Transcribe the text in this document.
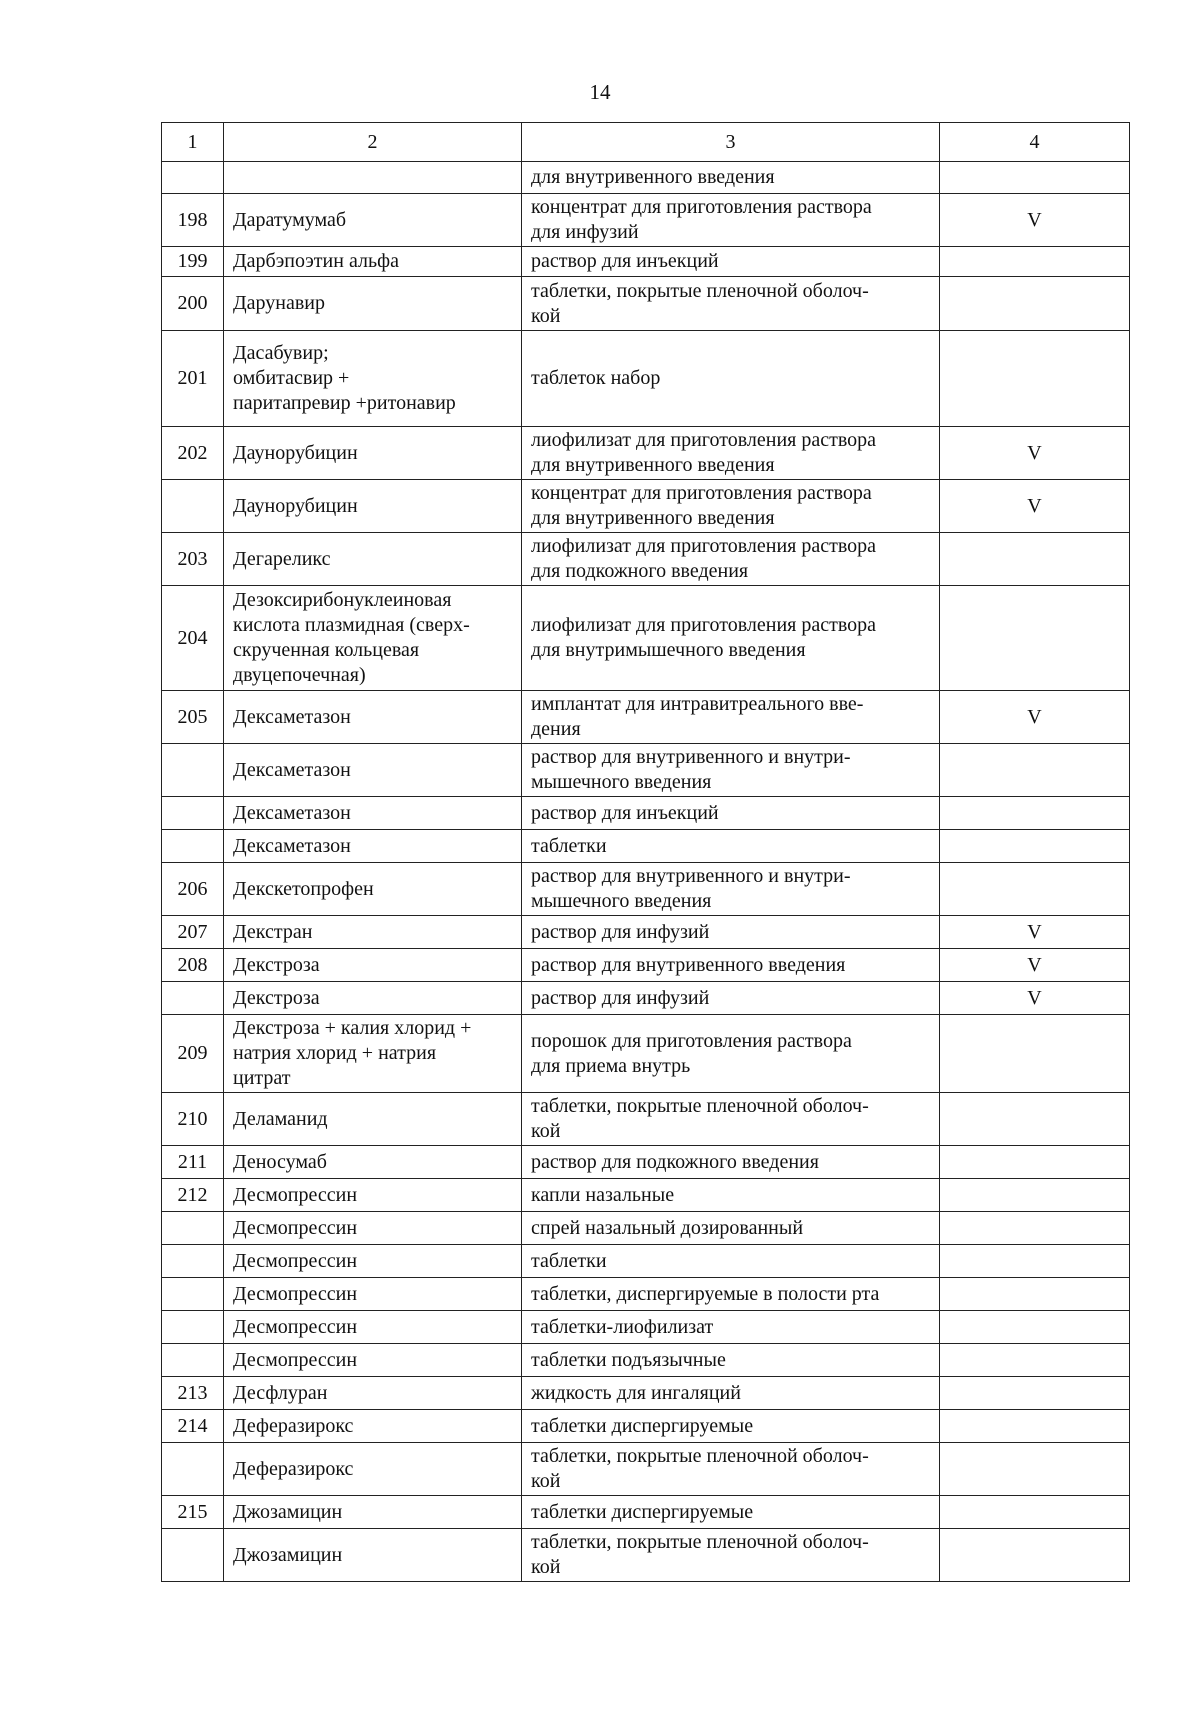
14
1	2	3	4
		для внутривенного введения	
198	Даратумумаб	концентрат для приготовления раствора
для инфузий	V
199	Дарбэпоэтин альфа	раствор для инъекций	
200	Дарунавир	таблетки, покрытые пленочной оболоч-
кой	
201	Дасабувир;
омбитасвир +
паритапревир +ритонавир	таблеток набор	
202	Даунорубицин	лиофилизат для приготовления раствора
для внутривенного введения	V
	Даунорубицин	концентрат для приготовления раствора
для внутривенного введения	V
203	Дегареликс	лиофилизат для приготовления раствора
для подкожного введения	
204	Дезоксирибонуклеиновая
кислота плазмидная (сверх-
скрученная кольцевая
двуцепочечная)	лиофилизат для приготовления раствора
для внутримышечного введения	
205	Дексаметазон	имплантат для интравитреального вве-
дения	V
	Дексаметазон	раствор для внутривенного и внутри-
мышечного введения	
	Дексаметазон	раствор для инъекций	
	Дексаметазон	таблетки	
206	Декскетопрофен	раствор для внутривенного и внутри-
мышечного введения	
207	Декстран	раствор для инфузий	V
208	Декстроза	раствор для внутривенного введения	V
	Декстроза	раствор для инфузий	V
209	Декстроза + калия хлорид +
натрия хлорид + натрия
цитрат	порошок для приготовления раствора
для приема внутрь	
210	Деламанид	таблетки, покрытые пленочной оболоч-
кой	
211	Деносумаб	раствор для подкожного введения	
212	Десмопрессин	капли назальные	
	Десмопрессин	спрей назальный дозированный	
	Десмопрессин	таблетки	
	Десмопрессин	таблетки, диспергируемые в полости рта	
	Десмопрессин	таблетки-лиофилизат	
	Десмопрессин	таблетки подъязычные	
213	Десфлуран	жидкость для ингаляций	
214	Деферазирокс	таблетки диспергируемые	
	Деферазирокс	таблетки, покрытые пленочной оболоч-
кой	
215	Джозамицин	таблетки диспергируемые	
	Джозамицин	таблетки, покрытые пленочной оболоч-
кой	
